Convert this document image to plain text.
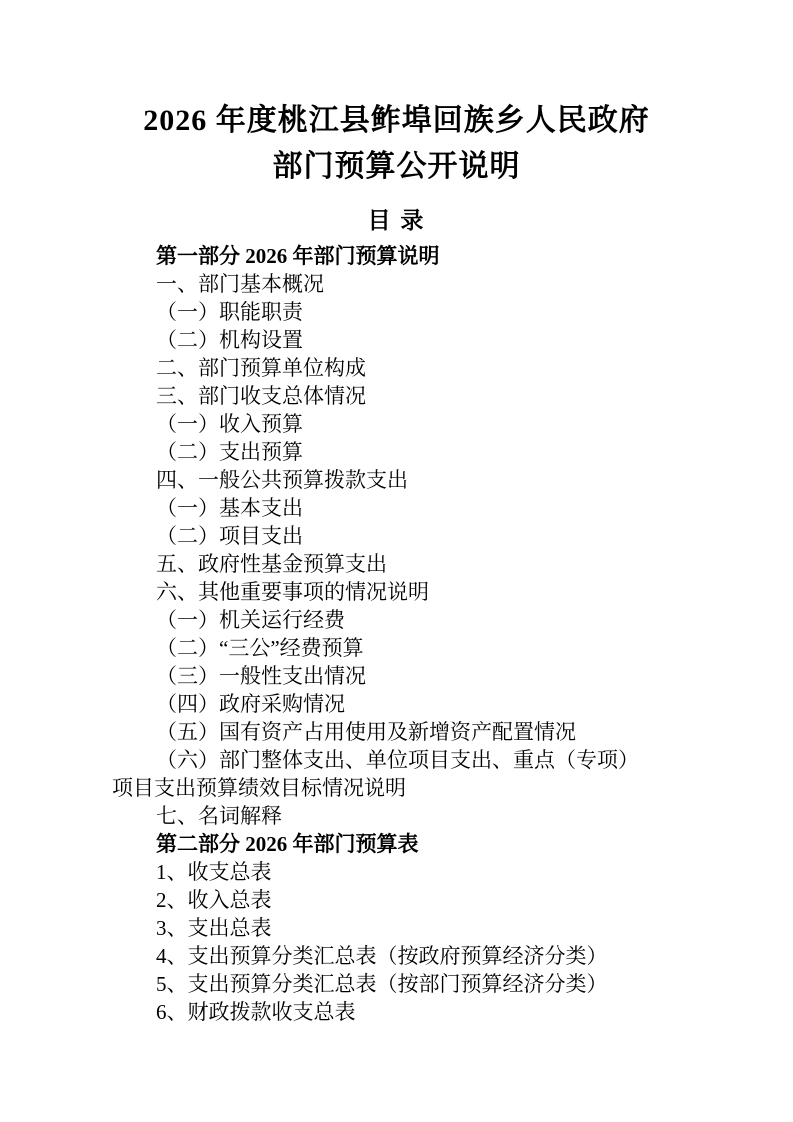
2026 年度桃江县鲊埠回族乡人民政府
部门预算公开说明
目 录
第一部分 2026 年部门预算说明
一、部门基本概况
（一）职能职责
（二）机构设置
二、部门预算单位构成
三、部门收支总体情况
（一）收入预算
（二）支出预算
四、一般公共预算拨款支出
（一）基本支出
（二）项目支出
五、政府性基金预算支出
六、其他重要事项的情况说明
（一）机关运行经费
（二）“三公”经费预算
（三）一般性支出情况
（四）政府采购情况
（五）国有资产占用使用及新增资产配置情况
（六）部门整体支出、单位项目支出、重点（专项）
项目支出预算绩效目标情况说明
七、名词解释
第二部分 2026 年部门预算表
1、收支总表
2、收入总表
3、支出总表
4、支出预算分类汇总表（按政府预算经济分类）
5、支出预算分类汇总表（按部门预算经济分类）
6、财政拨款收支总表
